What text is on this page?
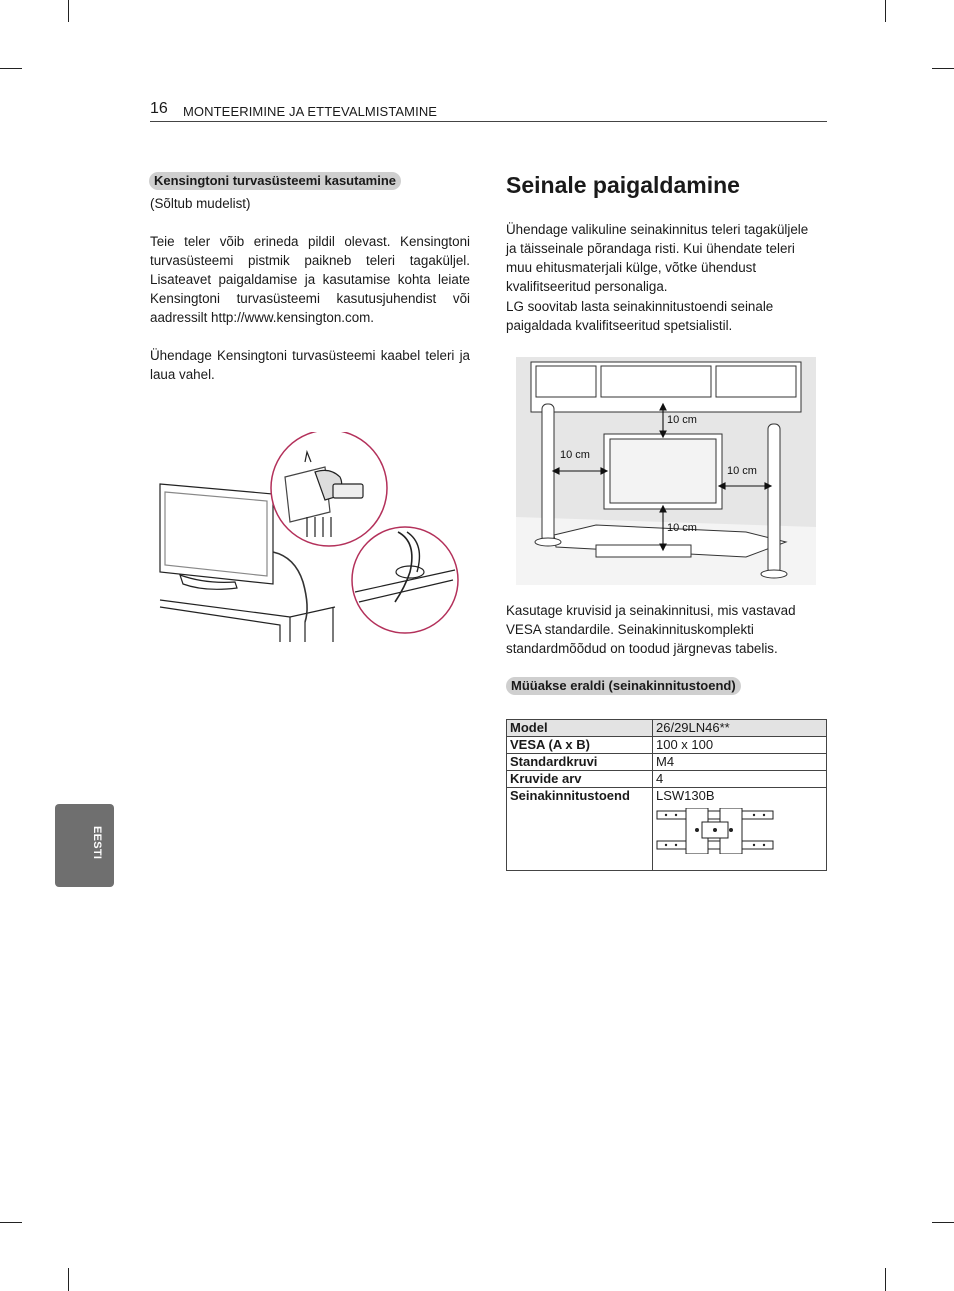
16 MONTEERIMINE JA ETTEVALMISTAMINE
EESTI
Kensingtoni turvasüsteemi kasutamine
(Sõltub mudelist)
Teie teler võib erineda pildil olevast. Kensingtoni turvasüsteemi pistmik paikneb teleri tagaküljel. Lisateavet paigaldamise ja kasutamise kohta leiate Kensingtoni turvasüsteemi kasutusjuhendist või aadressilt http://www.kensington.com.
Ühendage Kensingtoni turvasüsteemi kaabel teleri ja laua vahel.
Seinale paigaldamine
Ühendage valikuline seinakinnitus teleri tagaküljele ja täisseinale põrandaga risti. Kui ühendate teleri muu ehitusmaterjali külge, võtke ühendust kvalifitseeritud personaliga.
LG soovitab lasta seinakinnitustoendi seinale paigaldada kvalifitseeritud spetsialistil.
10 cm
10 cm
10 cm
10 cm
Kasutage kruvisid ja seinakinnitusi, mis vastavad VESA standardile. Seinakinnituskomplekti standardmõõdud on toodud järgnevas tabelis.
Müüakse eraldi (seinakinnitustoend)
Model	26/29LN46**
VESA (A x B)	100 x 100
Standardkruvi	M4
Kruvide arv	4
Seinakinnitustoend	LSW130B
